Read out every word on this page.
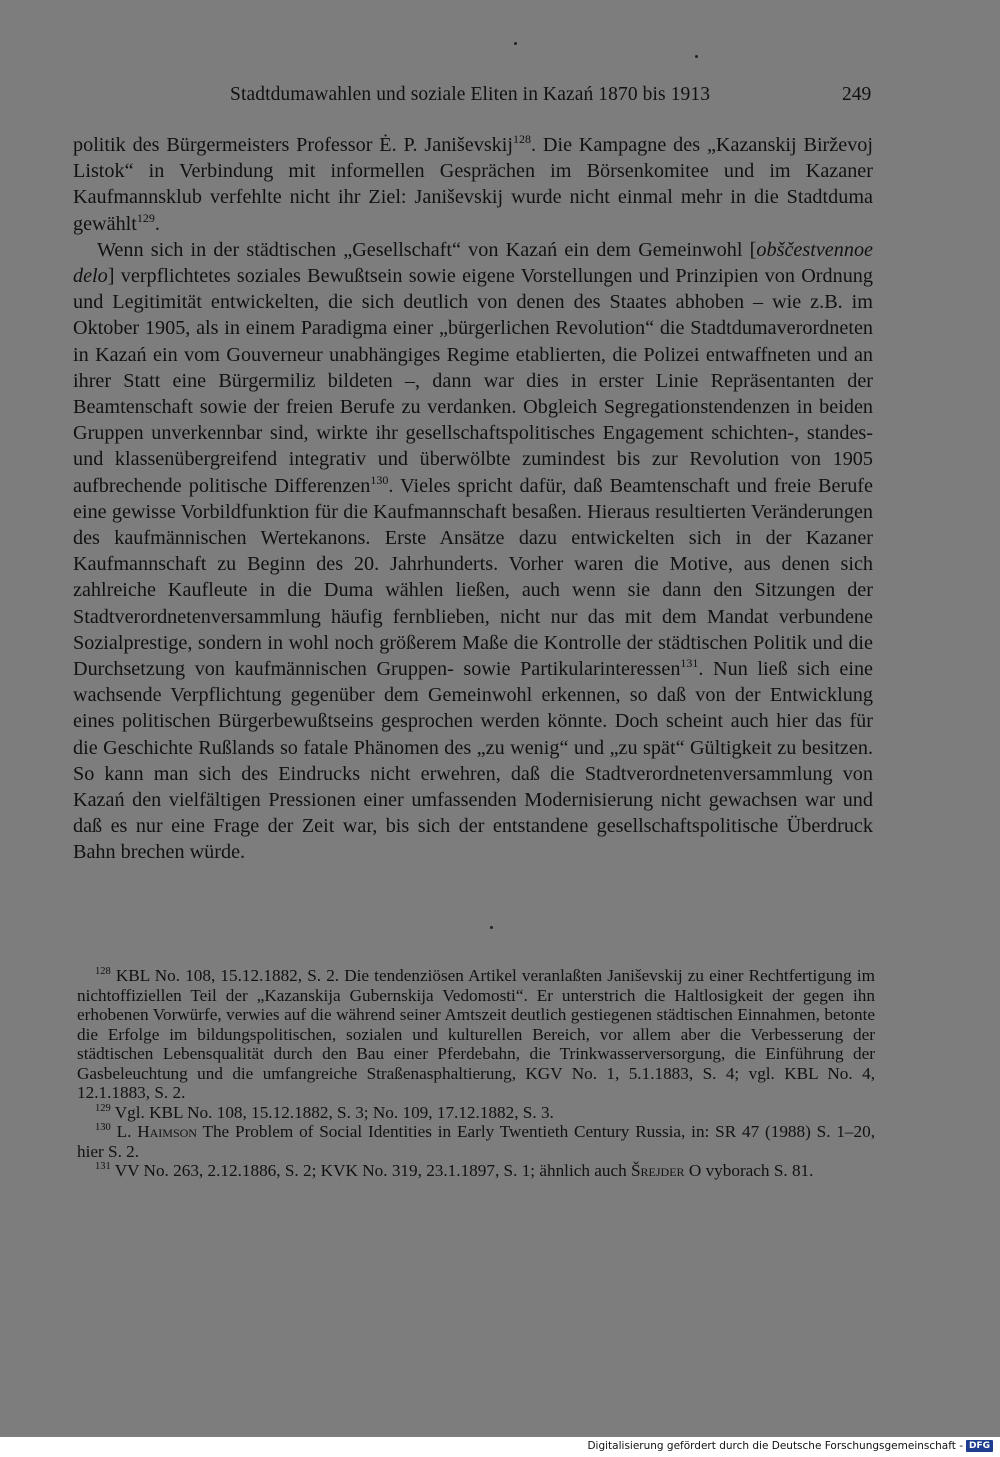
Stadtdumawahlen und soziale Eliten in Kazań 1870 bis 1913	249

politik des Bürgermeisters Professor Ė. P. Janiševskij$^{128}$. Die Kampagne des „Kazanskij Birževoj Listok“ in Verbindung mit informellen Gesprächen im Börsenkomitee und im Kazaner Kaufmannsklub verfehlte nicht ihr Ziel: Janiševskij wurde nicht einmal mehr in die Stadtduma gewählt$^{129}$.

Wenn sich in der städtischen „Gesellschaft“ von Kazań ein dem Gemeinwohl [obščestvennoe delo] verpflichtetes soziales Bewußtsein sowie eigene Vorstellungen und Prinzipien von Ordnung und Legitimität entwickelten, die sich deutlich von denen des Staates abhoben – wie z.B. im Oktober 1905, als in einem Paradigma einer „bürgerlichen Revolution“ die Stadtdumaverordneten in Kazań ein vom Gouverneur unabhängiges Regime etablierten, die Polizei entwaffneten und an ihrer Statt eine Bürgermiliz bildeten –, dann war dies in erster Linie Repräsentanten der Beamtenschaft sowie der freien Berufe zu verdanken. Obgleich Segregationstendenzen in beiden Gruppen unverkennbar sind, wirkte ihr gesellschaftspolitisches Engagement schichten-, standes- und klassenübergreifend integrativ und überwölbte zumindest bis zur Revolution von 1905 aufbrechende politische Differenzen$^{130}$. Vieles spricht dafür, daß Beamtenschaft und freie Berufe eine gewisse Vorbildfunktion für die Kaufmannschaft besaßen. Hieraus resultierten Veränderungen des kaufmännischen Wertekanons. Erste Ansätze dazu entwickelten sich in der Kazaner Kaufmannschaft zu Beginn des 20. Jahrhunderts. Vorher waren die Motive, aus denen sich zahlreiche Kaufleute in die Duma wählen ließen, auch wenn sie dann den Sitzungen der Stadtverordnetenversammlung häufig fernblieben, nicht nur das mit dem Mandat verbundene Sozialprestige, sondern in wohl noch größerem Maße die Kontrolle der städtischen Politik und die Durchsetzung von kaufmännischen Gruppen- sowie Partikularinteressen$^{131}$. Nun ließ sich eine wachsende Verpflichtung gegenüber dem Gemeinwohl erkennen, so daß von der Entwicklung eines politischen Bürgerbewußtseins gesprochen werden könnte. Doch scheint auch hier das für die Geschichte Rußlands so fatale Phänomen des „zu wenig“ und „zu spät“ Gültigkeit zu besitzen. So kann man sich des Eindrucks nicht erwehren, daß die Stadtverordnetenversammlung von Kazań den vielfältigen Pressionen einer umfassenden Modernisierung nicht gewachsen war und daß es nur eine Frage der Zeit war, bis sich der entstandene gesellschaftspolitische Überdruck Bahn brechen würde.

$^{128}$ KBL No. 108, 15.12.1882, S. 2. Die tendenziösen Artikel veranlaßten Janiševskij zu einer Rechtfertigung im nichtoffiziellen Teil der „Kazanskija Gubernskija Vedomosti“. Er unterstrich die Haltlosigkeit der gegen ihn erhobenen Vorwürfe, verwies auf die während seiner Amtszeit deutlich gestiegenen städtischen Einnahmen, betonte die Erfolge im bildungspolitischen, sozialen und kulturellen Bereich, vor allem aber die Verbesserung der städtischen Lebensqualität durch den Bau einer Pferdebahn, die Trinkwasserversorgung, die Einführung der Gasbeleuchtung und die umfangreiche Straßenasphaltierung, KGV No. 1, 5.1.1883, S. 4; vgl. KBL No. 4, 12.1.1883, S. 2.

$^{129}$ Vgl. KBL No. 108, 15.12.1882, S. 3; No. 109, 17.12.1882, S. 3.

$^{130}$ L. Haimson The Problem of Social Identities in Early Twentieth Century Russia, in: SR 47 (1988) S. 1–20, hier S. 2.

$^{131}$ VV No. 263, 2.12.1886, S. 2; KVK No. 319, 23.1.1897, S. 1; ähnlich auch Šrejder O vyborach S. 81.

Digitalisierung gefördert durch die Deutsche Forschungsgemeinschaft - DFG
